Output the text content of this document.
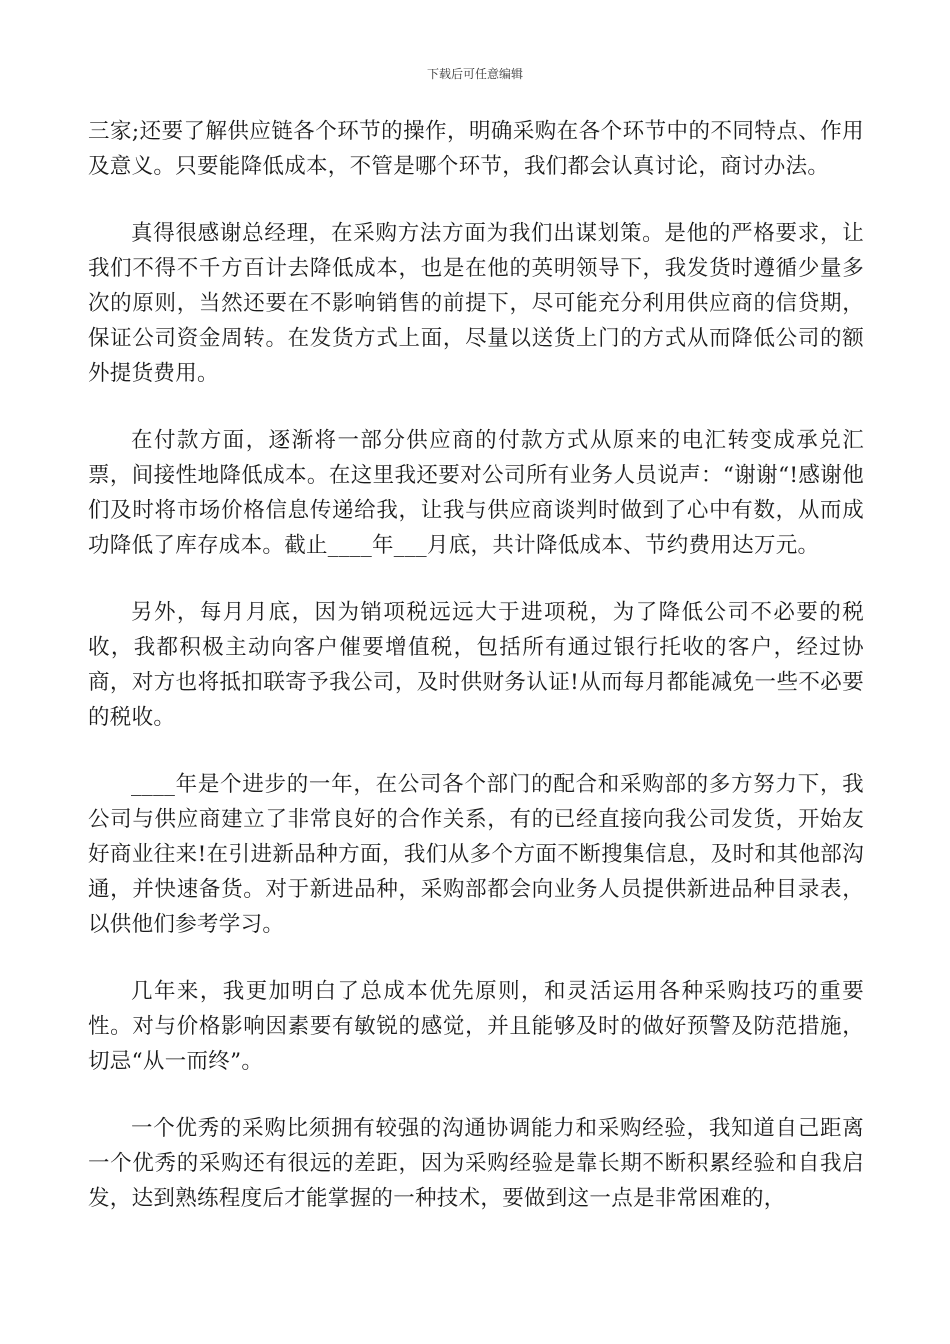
下载后可任意编辑

三家;还要了解供应链各个环节的操作，明确采购在各个环节中的不同特点、作用及意义。只要能降低成本，不管是哪个环节，我们都会认真讨论，商讨办法。

真得很感谢总经理，在采购方法方面为我们出谋划策。是他的严格要求，让我们不得不千方百计去降低成本，也是在他的英明领导下，我发货时遵循少量多次的原则，当然还要在不影响销售的前提下，尽可能充分利用供应商的信贷期，保证公司资金周转。在发货方式上面，尽量以送货上门的方式从而降低公司的额外提货费用。

在付款方面，逐渐将一部分供应商的付款方式从原来的电汇转变成承兑汇票，间接性地降低成本。在这里我还要对公司所有业务人员说声：“谢谢“!感谢他们及时将市场价格信息传递给我，让我与供应商谈判时做到了心中有数，从而成功降低了库存成本。截止____年___月底，共计降低成本、节约费用达万元。

另外，每月月底，因为销项税远远大于进项税，为了降低公司不必要的税收，我都积极主动向客户催要增值税，包括所有通过银行托收的客户，经过协商，对方也将抵扣联寄予我公司，及时供财务认证!从而每月都能减免一些不必要的税收。

____年是个进步的一年，在公司各个部门的配合和采购部的多方努力下，我公司与供应商建立了非常良好的合作关系，有的已经直接向我公司发货，开始友好商业往来!在引进新品种方面，我们从多个方面不断搜集信息，及时和其他部沟通，并快速备货。对于新进品种，采购部都会向业务人员提供新进品种目录表，以供他们参考学习。

几年来，我更加明白了总成本优先原则，和灵活运用各种采购技巧的重要性。对与价格影响因素要有敏锐的感觉，并且能够及时的做好预警及防范措施，切忌“从一而终”。

一个优秀的采购比须拥有较强的沟通协调能力和采购经验，我知道自己距离一个优秀的采购还有很远的差距，因为采购经验是靠长期不断积累经验和自我启发，达到熟练程度后才能掌握的一种技术，要做到这一点是非常困难的，
